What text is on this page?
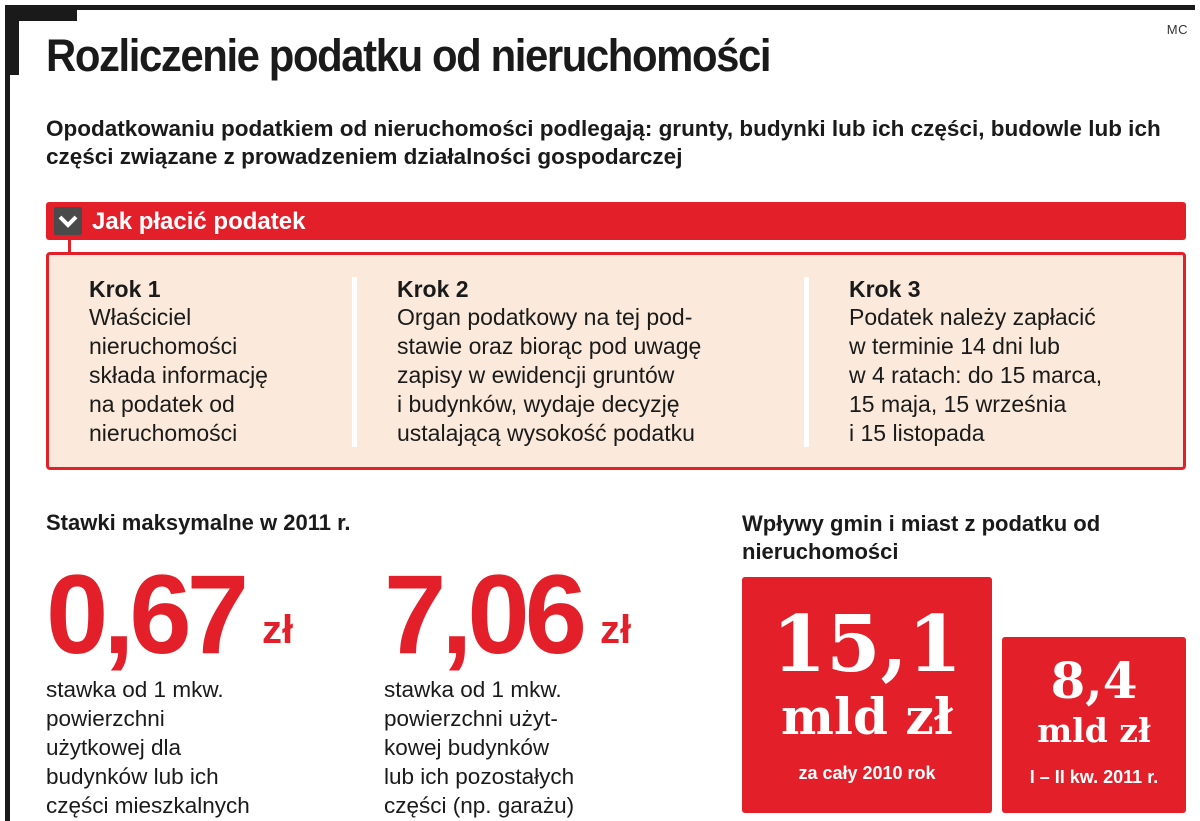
MC
Rozliczenie podatku od nieruchomości

Opodatkowaniu podatkiem od nieruchomości podlegają: grunty, budynki lub ich części, budowle lub ich części związane z prowadzeniem działalności gospodarczej

Jak płacić podatek
Krok 1
Właściciel
nieruchomości
składa informację
na podatek od
nieruchomości
Krok 2
Organ podatkowy na tej pod-
stawie oraz biorąc pod uwagę
zapisy w ewidencji gruntów
i budynków, wydaje decyzję
ustalającą wysokość podatku
Krok 3
Podatek należy zapłacić
w terminie 14 dni lub
w 4 ratach: do 15 marca,
15 maja, 15 września
i 15 listopada
Stawki maksymalne w 2011 r.
0,67 zł
stawka od 1 mkw.
powierzchni
użytkowej dla
budynków lub ich
części mieszkalnych
7,06 zł
stawka od 1 mkw.
powierzchni użyt-
kowej budynków
lub ich pozostałych
części (np. garażu)
Wpływy gmin i miast z podatku od nieruchomości
15,1
mld zł
za cały 2010 rok
8,4
mld zł
I – II kw. 2011 r.
